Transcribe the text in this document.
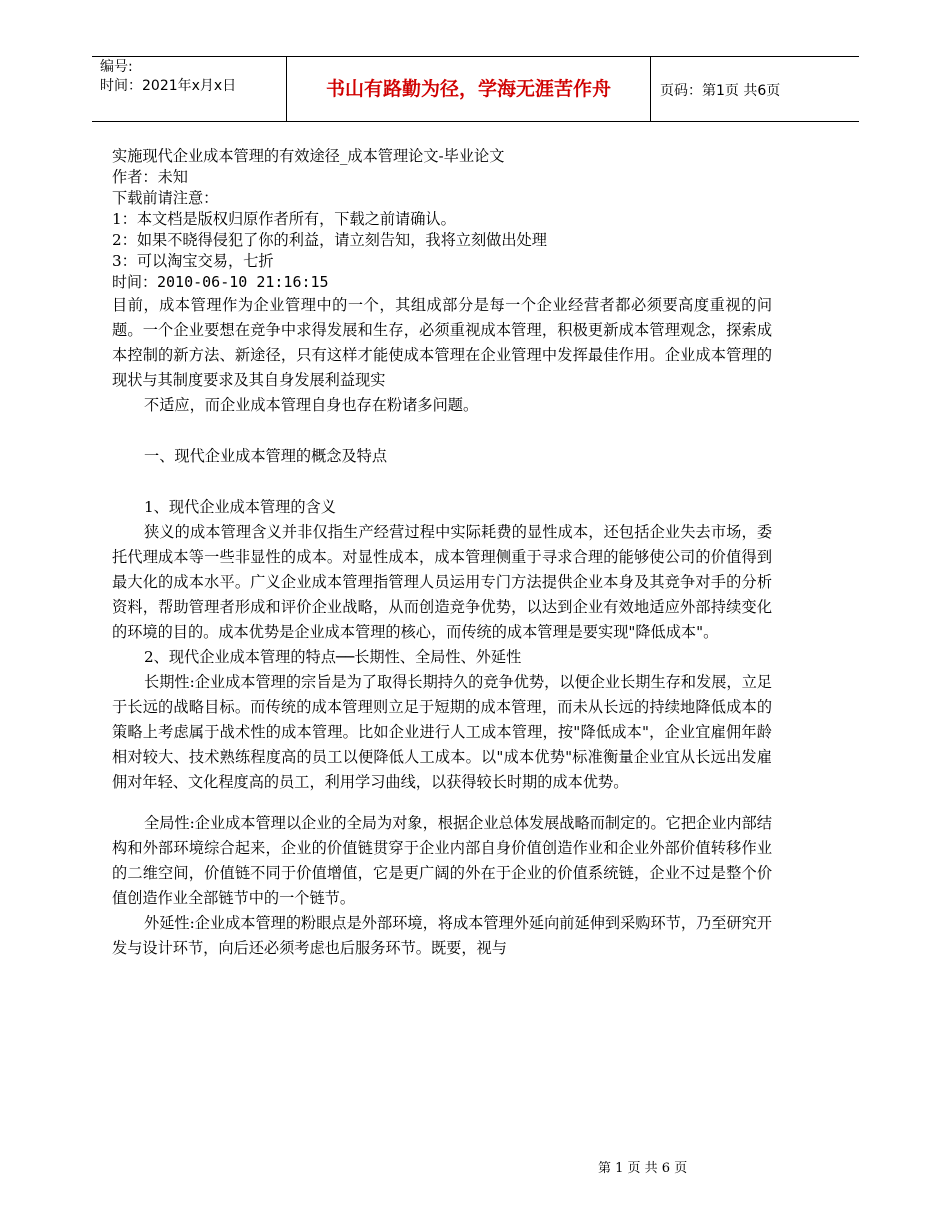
编号:
时间：2021年x月x日	书山有路勤为径，学海无涯苦作舟	页码：第1页 共6页
实施现代企业成本管理的有效途径_成本管理论文-毕业论文
作者：未知
下载前请注意：
1：本文档是版权归原作者所有，下载之前请确认。
2：如果不晓得侵犯了你的利益，请立刻告知，我将立刻做出处理
3：可以淘宝交易，七折
时间：2010-06-10 21:16:15

目前，成本管理作为企业管理中的一个，其组成部分是每一个企业经营者都必须要高度重视的问题。一个企业要想在竞争中求得发展和生存，必须重视成本管理，积极更新成本管理观念，探索成本控制的新方法、新途径，只有这样才能使成本管理在企业管理中发挥最佳作用。企业成本管理的现状与其制度要求及其自身发展利益现实

不适应，而企业成本管理自身也存在粉诸多问题。

一、现代企业成本管理的概念及特点

1、现代企业成本管理的含义

狭义的成本管理含义并非仅指生产经营过程中实际耗费的显性成本，还包括企业失去市场，委托代理成本等一些非显性的成本。对显性成本，成本管理侧重于寻求合理的能够使公司的价值得到最大化的成本水平。广义企业成本管理指管理人员运用专门方法提供企业本身及其竞争对手的分析资料，帮助管理者形成和评价企业战略，从而创造竞争优势，以达到企业有效地适应外部持续变化的环境的目的。成本优势是企业成本管理的核心，而传统的成本管理是要实现"降低成本"。

2、现代企业成本管理的特点──长期性、全局性、外延性

长期性:企业成本管理的宗旨是为了取得长期持久的竞争优势，以便企业长期生存和发展，立足于长远的战略目标。而传统的成本管理则立足于短期的成本管理，而未从长远的持续地降低成本的策略上考虑属于战术性的成本管理。比如企业进行人工成本管理，按"降低成本"，企业宜雇佣年龄相对较大、技术熟练程度高的员工以便降低人工成本。以"成本优势"标准衡量企业宜从长远出发雇佣对年轻、文化程度高的员工，利用学习曲线，以获得较长时期的成本优势。

全局性:企业成本管理以企业的全局为对象，根据企业总体发展战略而制定的。它把企业内部结构和外部环境综合起来，企业的价值链贯穿于企业内部自身价值创造作业和企业外部价值转移作业的二维空间，价值链不同于价值增值，它是更广阔的外在于企业的价值系统链，企业不过是整个价值创造作业全部链节中的一个链节。

外延性:企业成本管理的粉眼点是外部环境，将成本管理外延向前延伸到采购环节，乃至研究开发与设计环节，向后还必须考虑也后服务环节。既要，视与

第 1 页 共 6 页
